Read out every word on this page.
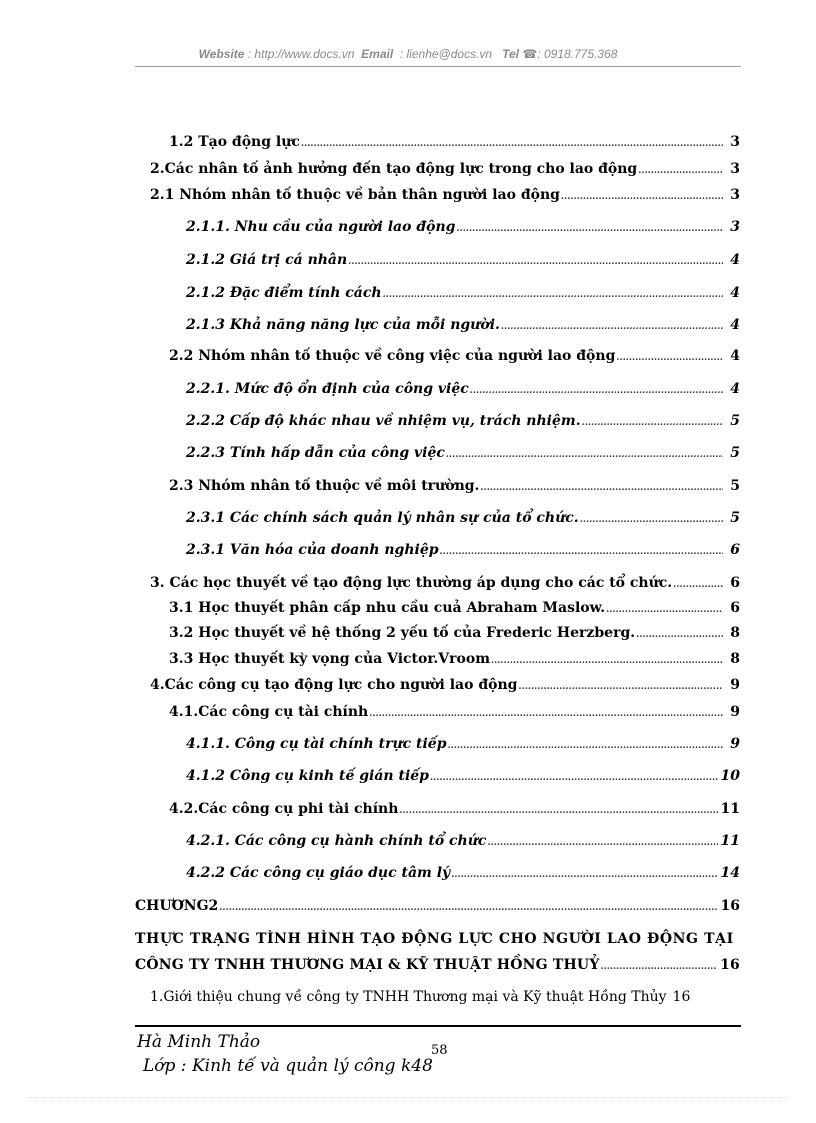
Website : http://www.docs.vn Email : lienhe@docs.vn Tel ☎: 0918.775.368
1.2 Tạo động lực .....	3
2.Các nhân tố ảnh hưởng đến tạo động lực trong cho lao động .....	3
2.1 Nhóm nhân tố thuộc về bản thân người lao động .....	3
2.1.1. Nhu cầu của người lao động .....	3
2.1.2 Giá trị cá nhân .....	4
2.1.2 Đặc điểm tính cách .....	4
2.1.3 Khả năng năng lực của mỗi người. .....	4
2.2 Nhóm nhân tố thuộc về công việc của người lao động .....	4
2.2.1. Mức độ ổn định của công việc .....	4
2.2.2 Cấp độ khác nhau về nhiệm vụ, trách nhiệm. .....	5
2.2.3 Tính hấp dẫn của công việc .....	5
2.3 Nhóm nhân tố thuộc về môi trường. .....	5
2.3.1 Các chính sách quản lý nhân sự của tổ chức. .....	5
2.3.1 Văn hóa của doanh nghiệp .....	6
3. Các học thuyết về tạo động lực thường áp dụng cho các tổ chức. .....	6
3.1 Học thuyết phân cấp nhu cầu cuả Abraham Maslow. .....	6
3.2 Học thuyết về hệ thống 2 yếu tố của Frederic Herzberg. .....	8
3.3 Học thuyết kỳ vọng của Victor.Vroom .....	8
4.Các công cụ tạo động lực cho người lao động .....	9
4.1.Các công cụ tài chính .....	9
4.1.1. Công cụ tài chính trực tiếp .....	9
4.1.2 Công cụ kinh tế gián tiếp .....	10
4.2.Các công cụ phi tài chính .....	11
4.2.1. Các công cụ hành chính tổ chức .....	11
4.2.2 Các công cụ giáo dục tâm lý .....	14
CHƯƠNG2 .....	16
THỰC TRẠNG TÌNH HÌNH TẠO ĐỘNG LỰC CHO NGƯỜI LAO ĐỘNG TẠI
CÔNG TY TNHH THƯƠNG MẠI & KỸ THUẬT HỒNG THUỶ .....	16
1.Giới thiệu chung về công ty TNHH Thương mại và Kỹ thuật Hồng Thủy 16
Hà Minh Thảo
Lớp : Kinh tế và quản lý công k48
58
